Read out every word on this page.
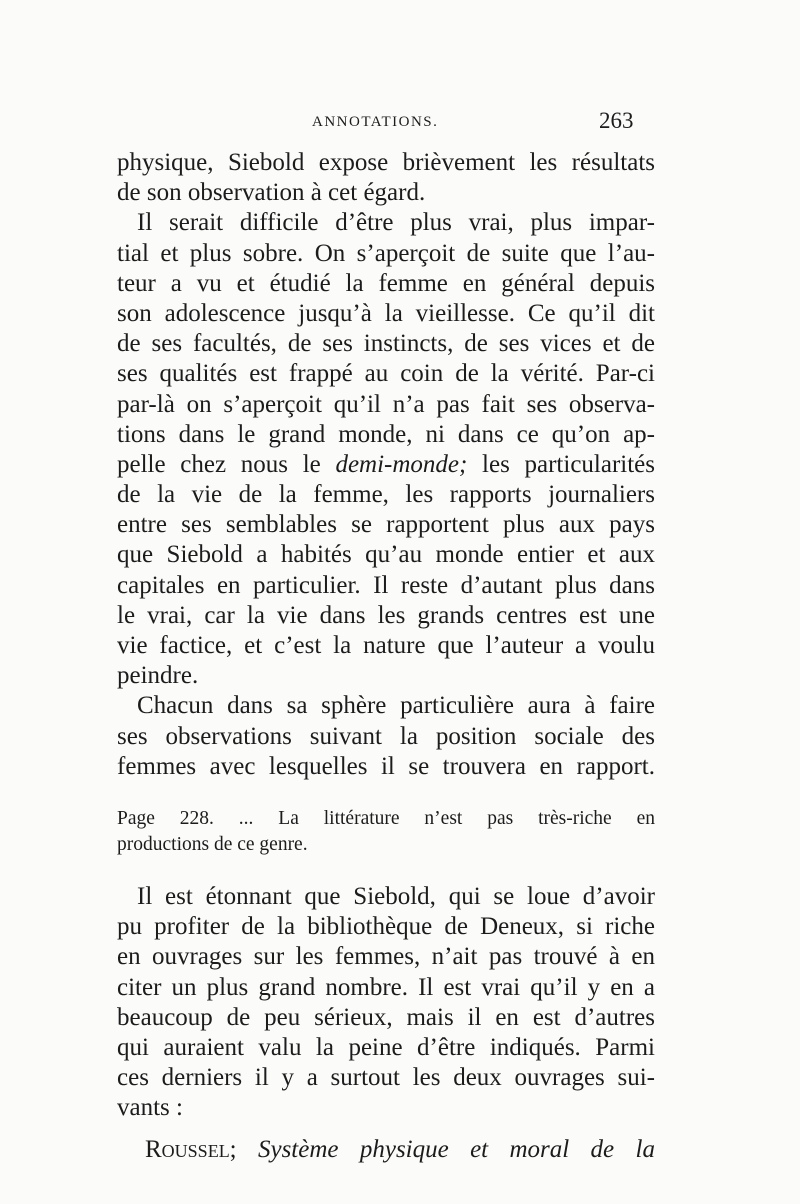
ANNOTATIONS.	263
physique, Siebold expose brièvement les résultats
de son observation à cet égard.
Il serait difficile d’être plus vrai, plus impar-
tial et plus sobre. On s’aperçoit de suite que l’au-
teur a vu et étudié la femme en général depuis
son adolescence jusqu’à la vieillesse. Ce qu’il dit
de ses facultés, de ses instincts, de ses vices et de
ses qualités est frappé au coin de la vérité. Par-ci
par-là on s’aperçoit qu’il n’a pas fait ses observa-
tions dans le grand monde, ni dans ce qu’on ap-
pelle chez nous le demi-monde; les particularités
de la vie de la femme, les rapports journaliers
entre ses semblables se rapportent plus aux pays
que Siebold a habités qu’au monde entier et aux
capitales en particulier. Il reste d’autant plus dans
le vrai, car la vie dans les grands centres est une
vie factice, et c’est la nature que l’auteur a voulu
peindre.
Chacun dans sa sphère particulière aura à faire
ses observations suivant la position sociale des
femmes avec lesquelles il se trouvera en rapport.
Page 228. ... La littérature n’est pas très-riche en
productions de ce genre.
Il est étonnant que Siebold, qui se loue d’avoir
pu profiter de la bibliothèque de Deneux, si riche
en ouvrages sur les femmes, n’ait pas trouvé à en
citer un plus grand nombre. Il est vrai qu’il y en a
beaucoup de peu sérieux, mais il en est d’autres
qui auraient valu la peine d’être indiqués. Parmi
ces derniers il y a surtout les deux ouvrages sui-
vants :
Roussel; Système physique et moral de la
